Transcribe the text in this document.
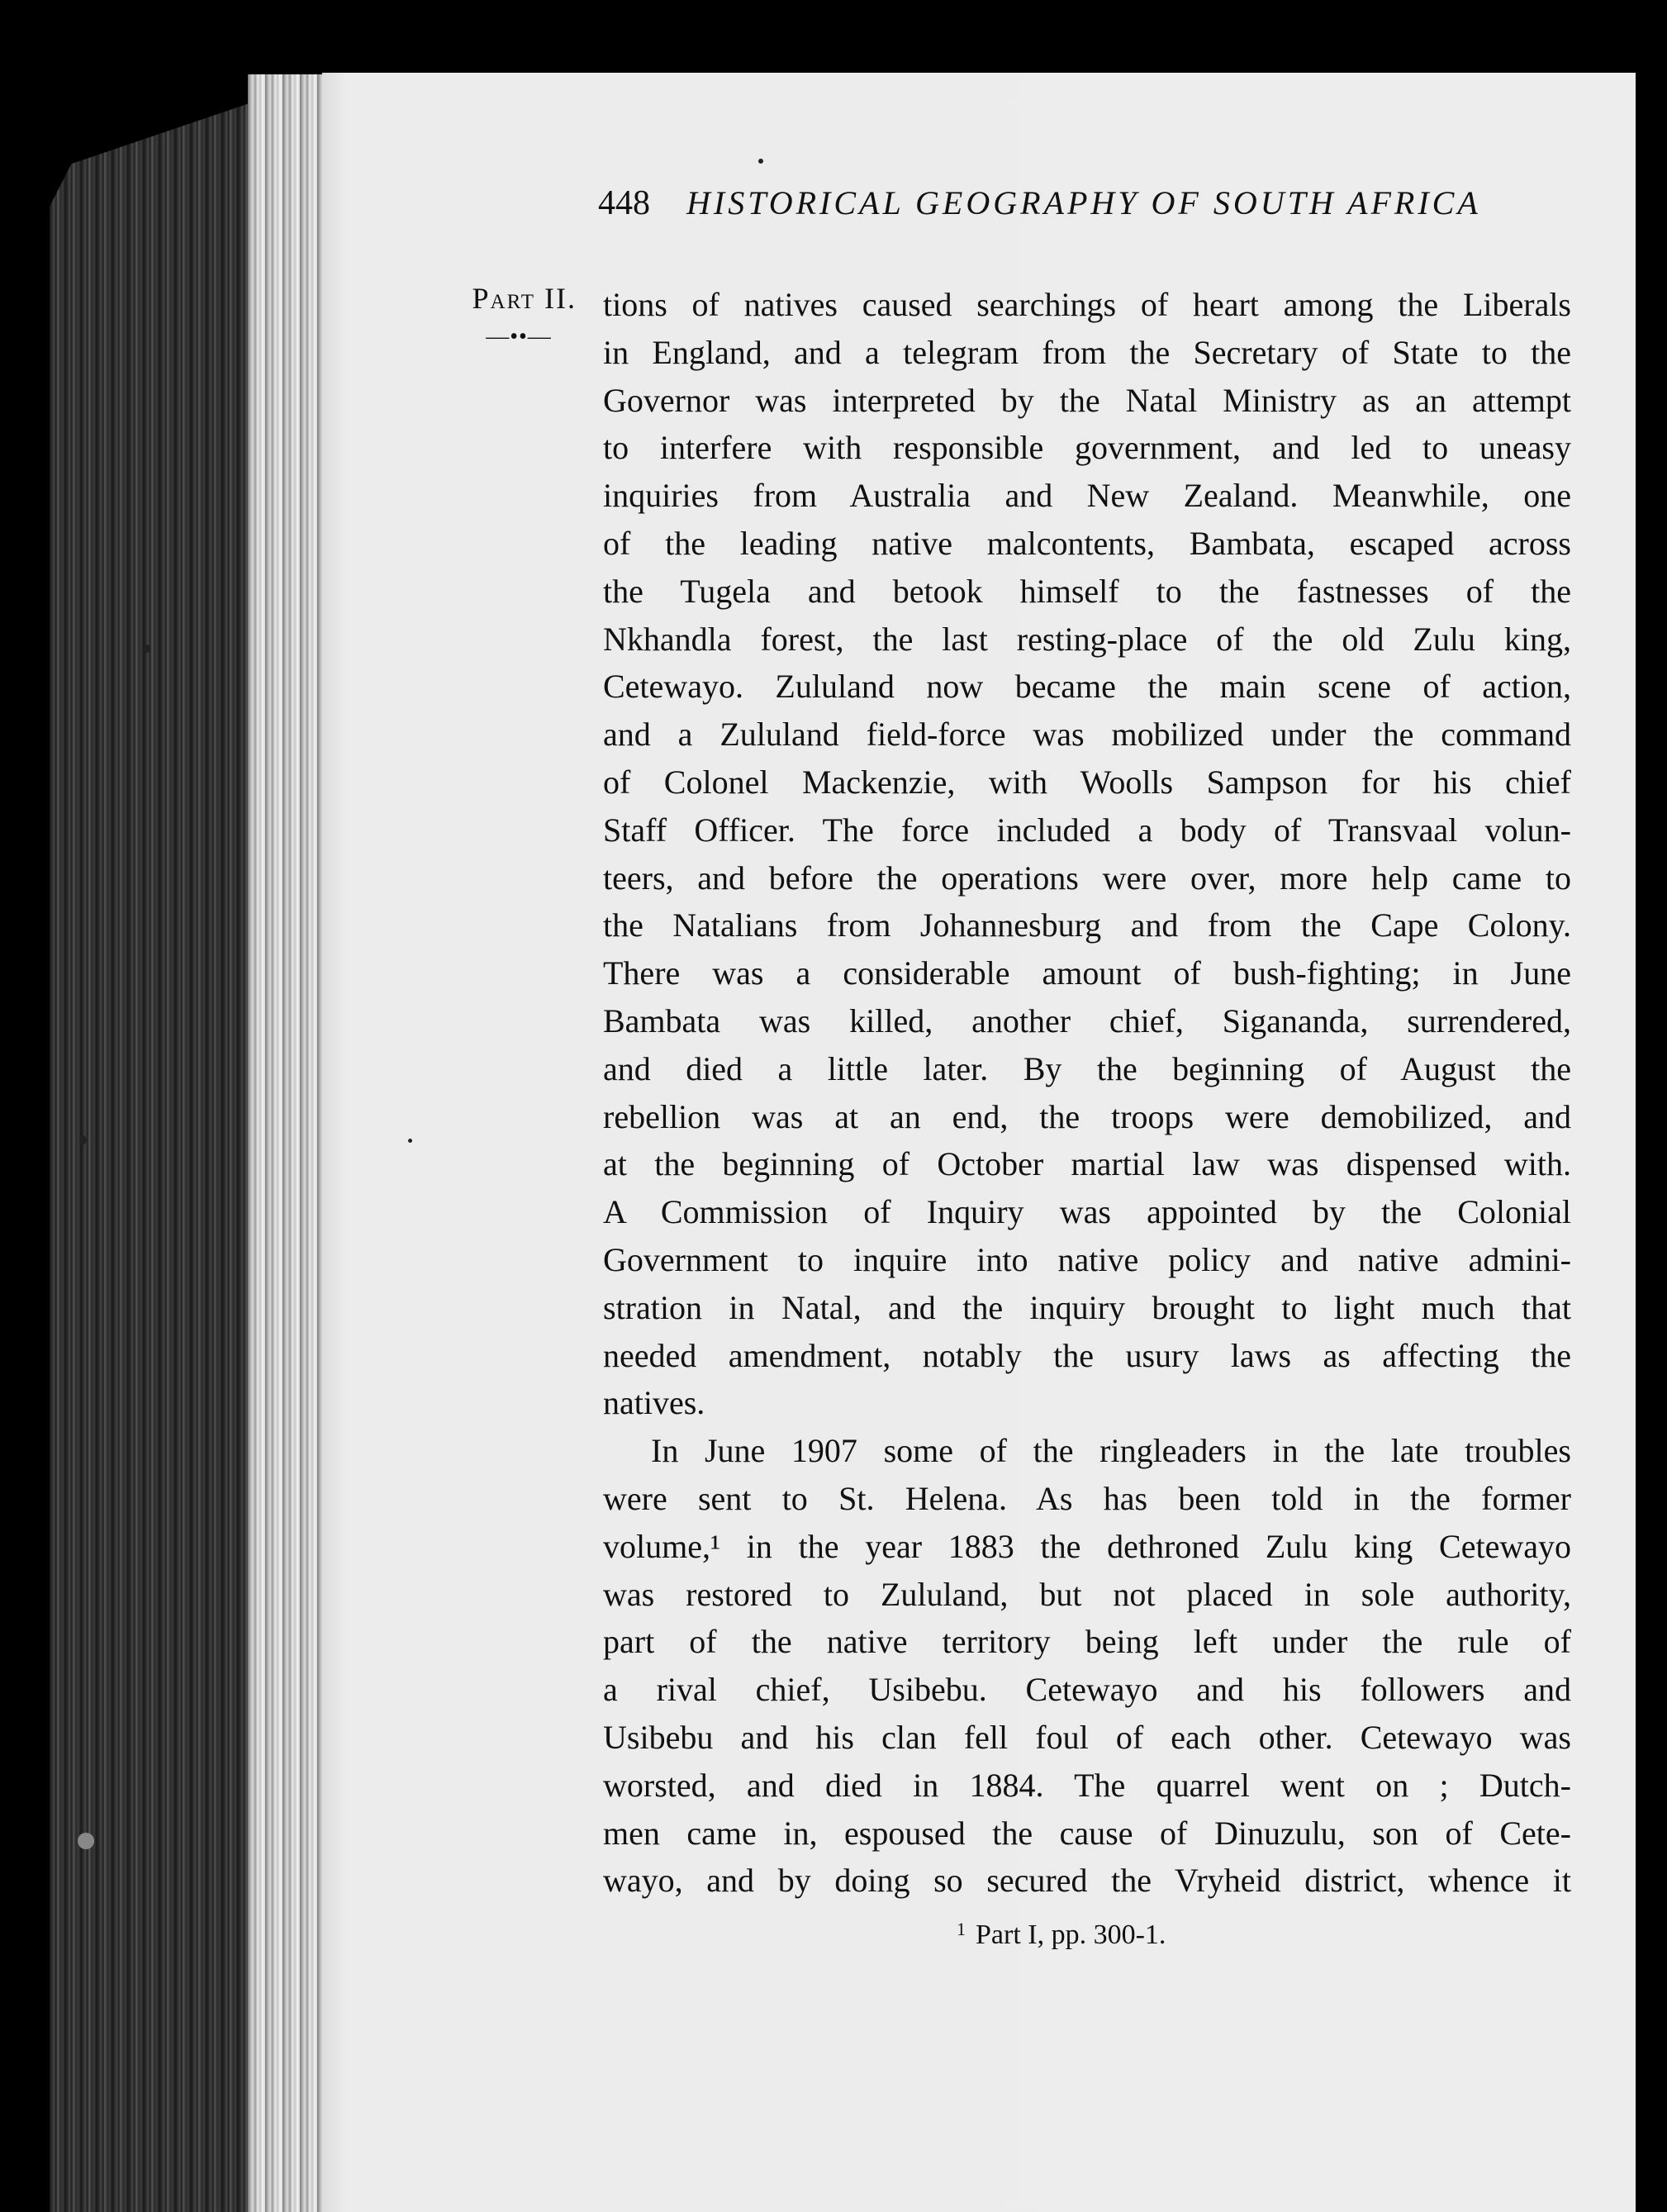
448 HISTORICAL GEOGRAPHY OF SOUTH AFRICA
Part II.
—••—
tions of natives caused searchings of heart among the Liberals
in England, and a telegram from the Secretary of State to the
Governor was interpreted by the Natal Ministry as an attempt
to interfere with responsible government, and led to uneasy
inquiries from Australia and New Zealand. Meanwhile, one
of the leading native malcontents, Bambata, escaped across
the Tugela and betook himself to the fastnesses of the
Nkhandla forest, the last resting-place of the old Zulu king,
Cetewayo. Zululand now became the main scene of action,
and a Zululand field-force was mobilized under the command
of Colonel Mackenzie, with Woolls Sampson for his chief
Staff Officer. The force included a body of Transvaal volun-
teers, and before the operations were over, more help came to
the Natalians from Johannesburg and from the Cape Colony.
There was a considerable amount of bush-fighting; in June
Bambata was killed, another chief, Sigananda, surrendered,
and died a little later. By the beginning of August the
rebellion was at an end, the troops were demobilized, and
at the beginning of October martial law was dispensed with.
A Commission of Inquiry was appointed by the Colonial
Government to inquire into native policy and native admini-
stration in Natal, and the inquiry brought to light much that
needed amendment, notably the usury laws as affecting the
natives.
In June 1907 some of the ringleaders in the late troubles
were sent to St. Helena. As has been told in the former
volume,¹ in the year 1883 the dethroned Zulu king Cetewayo
was restored to Zululand, but not placed in sole authority,
part of the native territory being left under the rule of
a rival chief, Usibebu. Cetewayo and his followers and
Usibebu and his clan fell foul of each other. Cetewayo was
worsted, and died in 1884. The quarrel went on ; Dutch-
men came in, espoused the cause of Dinuzulu, son of Cete-
wayo, and by doing so secured the Vryheid district, whence it
$^1$ Part I, pp. 300-1.
